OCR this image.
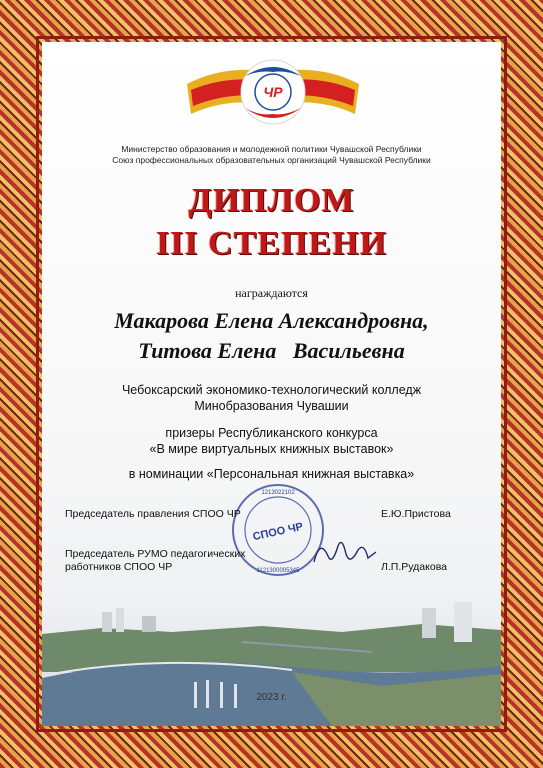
ЧР
Министерство образования и молодежной политики Чувашской Республики
Союз профессиональных образовательных организаций Чувашской Республики
ДИПЛОМ
III СТЕПЕНИ
награждаются
Макарова Елена Александровна,
Титова Елена   Васильевна
Чебоксарский экономико-технологический колледж
Минобразования Чувашии
призеры Республиканского конкурса
«В мире виртуальных книжных выставок»
в номинации «Персональная книжная выставка»
1213022102
СПОО ЧР
1121300005345
Председатель правления СПОО ЧР	Е.Ю.Пристова
Председатель РУМО педагогических
работников СПОО ЧР	Л.П.Рудакова
2023 г.
